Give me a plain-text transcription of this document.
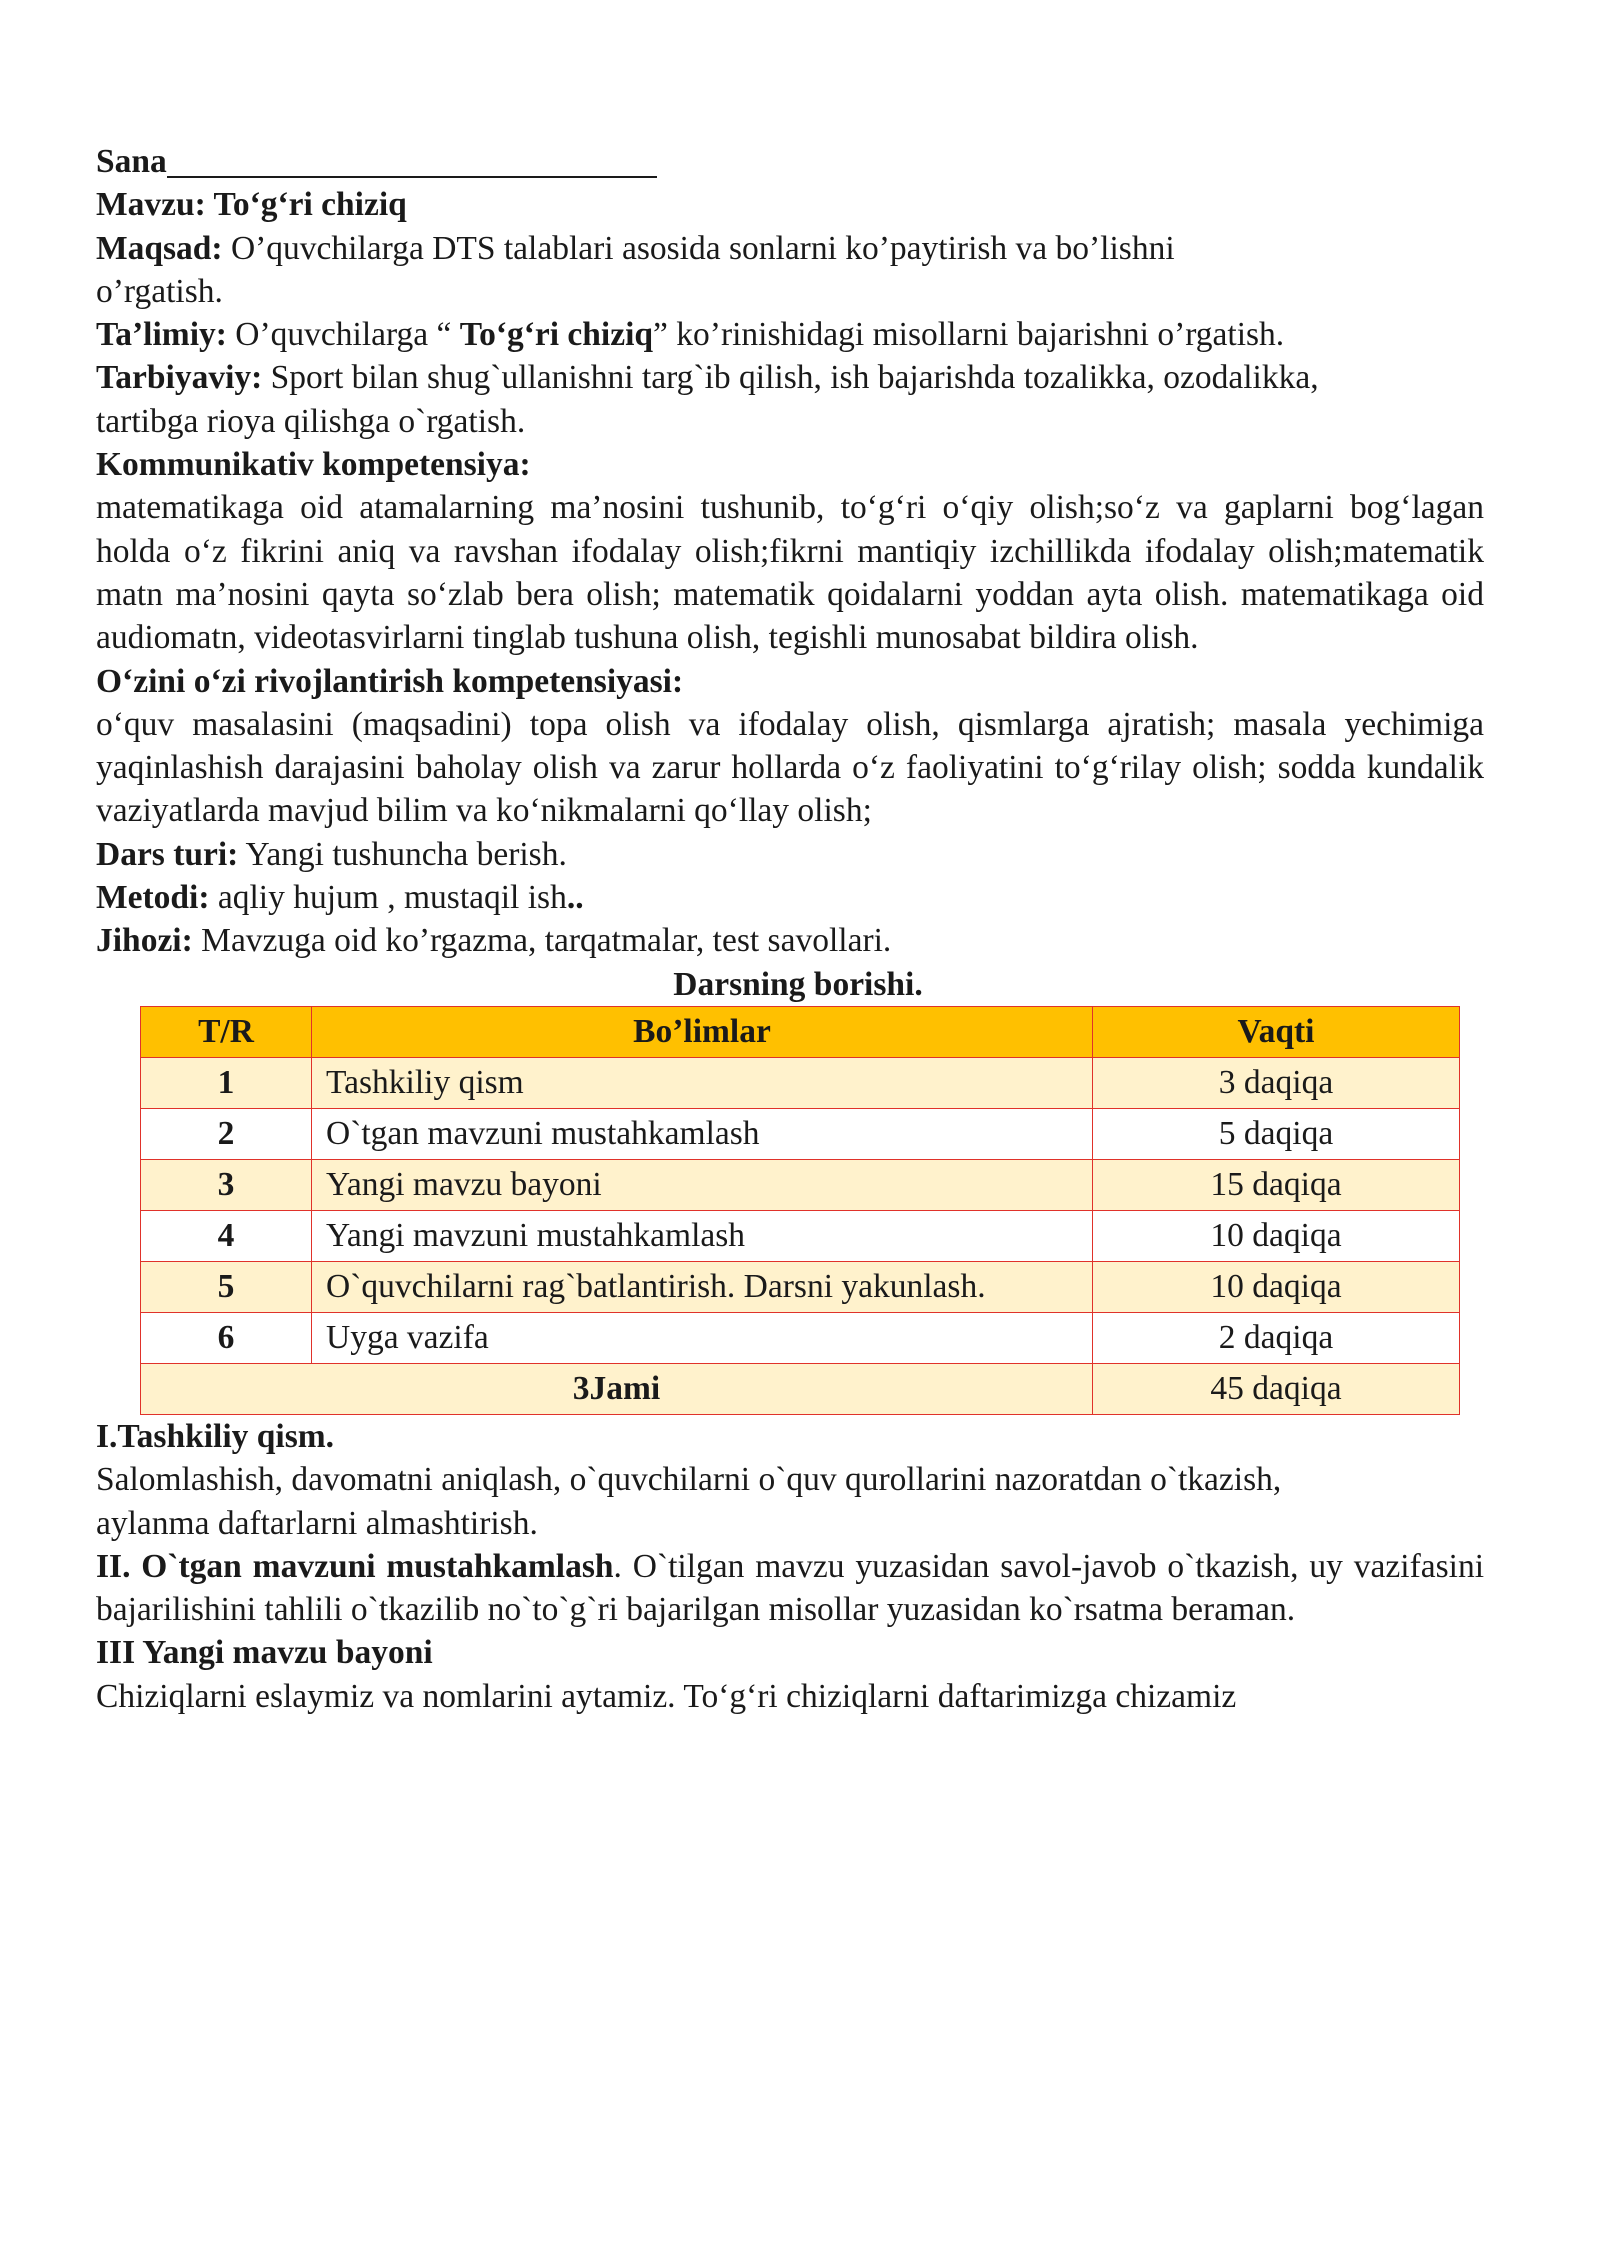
Sana
Mavzu: To‘g‘ri chiziq
Maqsad: O’quvchilarga DTS talablari asosida sonlarni ko’paytirish va bo’lishni
o’rgatish.
Ta’limiy: O’quvchilarga “ To‘g‘ri chiziq” ko’rinishidagi misollarni bajarishni o’rgatish.
Tarbiyaviy: Sport bilan shug`ullanishni targ`ib qilish, ish bajarishda tozalikka, ozodalikka,
tartibga rioya qilishga o`rgatish.
Kommunikativ kompetensiya:
matematikaga oid atamalarning ma’nosini tushunib, to‘g‘ri o‘qiy olish;so‘z va gaplarni bog‘lagan holda o‘z fikrini aniq va ravshan ifodalay olish;fikrni mantiqiy izchillikda ifodalay olish;matematik matn ma’nosini qayta so‘zlab bera olish; matematik qoidalarni yoddan ayta olish. matematikaga oid audiomatn, videotasvirlarni tinglab tushuna olish, tegishli munosabat bildira olish.
O‘zini o‘zi rivojlantirish kompetensiyasi:
o‘quv masalasini (maqsadini) topa olish va ifodalay olish, qismlarga ajratish; masala yechimiga yaqinlashish darajasini baholay olish va zarur hollarda o‘z faoliyatini to‘g‘rilay olish; sodda kundalik vaziyatlarda mavjud bilim va ko‘nikmalarni qo‘llay olish;
Dars turi: Yangi tushuncha berish.
Metodi: aqliy hujum , mustaqil ish..
Jihozi: Mavzuga oid ko’rgazma, tarqatmalar, test savollari.
Darsning borishi.
T/R	Bo’limlar	Vaqti
1	Tashkiliy qism	3 daqiqa
2	O`tgan mavzuni mustahkamlash	5 daqiqa
3	Yangi mavzu bayoni	15 daqiqa
4	Yangi mavzuni mustahkamlash	10 daqiqa
5	O`quvchilarni rag`batlantirish. Darsni yakunlash.	10 daqiqa
6	Uyga vazifa	2 daqiqa
3Jami		45 daqiqa
I.Tashkiliy qism.
Salomlashish, davomatni aniqlash, o`quvchilarni o`quv qurollarini nazoratdan o`tkazish,
aylanma daftarlarni almashtirish.
II. O`tgan mavzuni mustahkamlash. O`tilgan mavzu yuzasidan savol-javob o`tkazish, uy vazifasini bajarilishini tahlili o`tkazilib no`to`g`ri bajarilgan misollar yuzasidan ko`rsatma beraman.
III Yangi mavzu bayoni
Chiziqlarni eslaymiz va nomlarini aytamiz. To‘g‘ri chiziqlarni daftarimizga chizamiz
